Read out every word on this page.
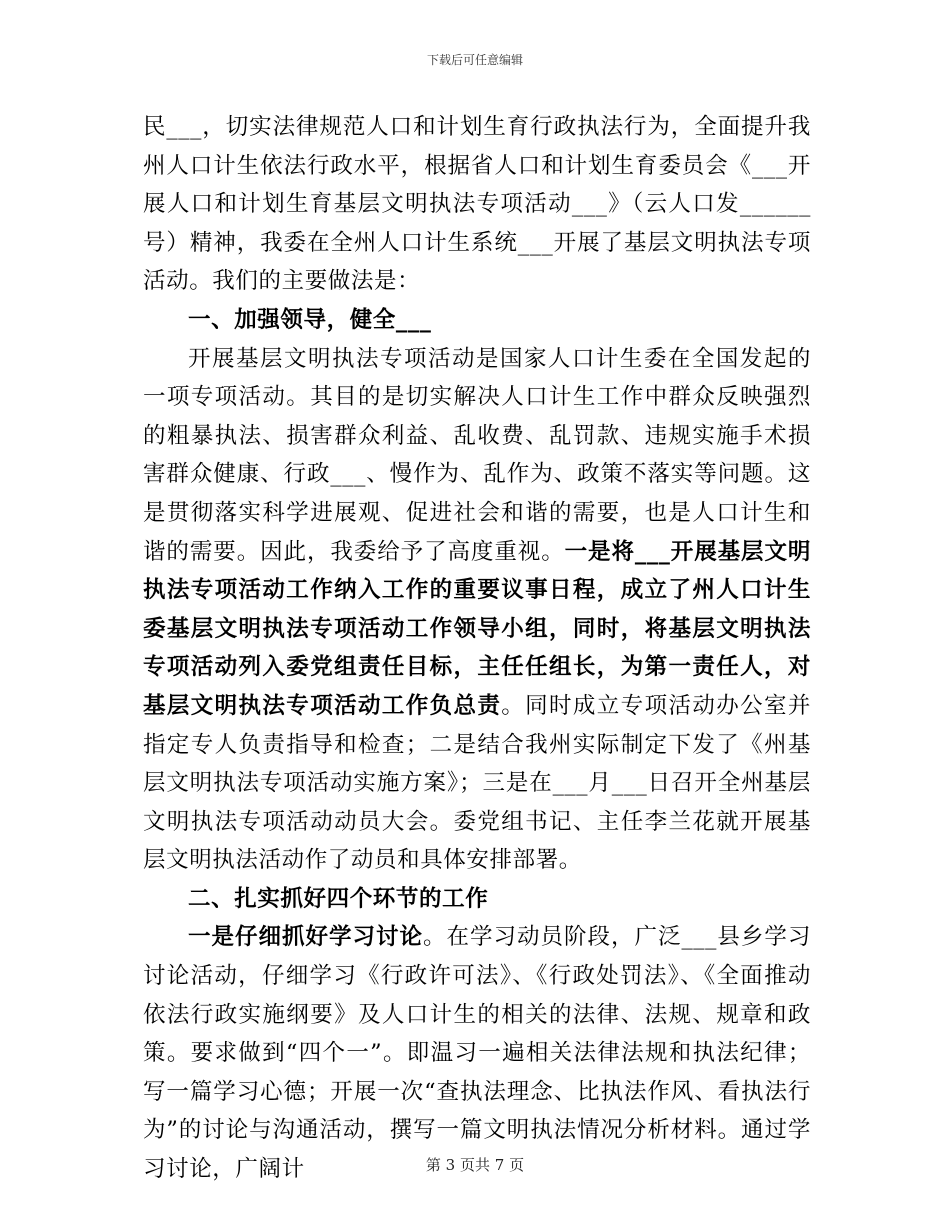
下载后可任意编辑

民___，切实法律规范人口和计划生育行政执法行为，全面提升我州人口计生依法行政水平，根据省人口和计划生育委员会《___开展人口和计划生育基层文明执法专项活动___》（云人口发______号）精神，我委在全州人口计生系统___开展了基层文明执法专项活动。我们的主要做法是：

一、加强领导，健全___

开展基层文明执法专项活动是国家人口计生委在全国发起的一项专项活动。其目的是切实解决人口计生工作中群众反映强烈的粗暴执法、损害群众利益、乱收费、乱罚款、违规实施手术损害群众健康、行政___、慢作为、乱作为、政策不落实等问题。这是贯彻落实科学进展观、促进社会和谐的需要，也是人口计生和谐的需要。因此，我委给予了高度重视。一是将___开展基层文明执法专项活动工作纳入工作的重要议事日程，成立了州人口计生委基层文明执法专项活动工作领导小组，同时，将基层文明执法专项活动列入委党组责任目标，主任任组长，为第一责任人，对基层文明执法专项活动工作负总责。同时成立专项活动办公室并指定专人负责指导和检查；二是结合我州实际制定下发了《州基层文明执法专项活动实施方案》；三是在___月___日召开全州基层文明执法专项活动动员大会。委党组书记、主任李兰花就开展基层文明执法活动作了动员和具体安排部署。

二、扎实抓好四个环节的工作

一是仔细抓好学习讨论。在学习动员阶段，广泛___县乡学习讨论活动，仔细学习《行政许可法》、《行政处罚法》、《全面推动依法行政实施纲要》及人口计生的相关的法律、法规、规章和政策。要求做到“四个一”。即温习一遍相关法律法规和执法纪律；写一篇学习心德；开展一次“查执法理念、比执法作风、看执法行为”的讨论与沟通活动，撰写一篇文明执法情况分析材料。通过学习讨论，广阔计	第 3 页共 7 页
